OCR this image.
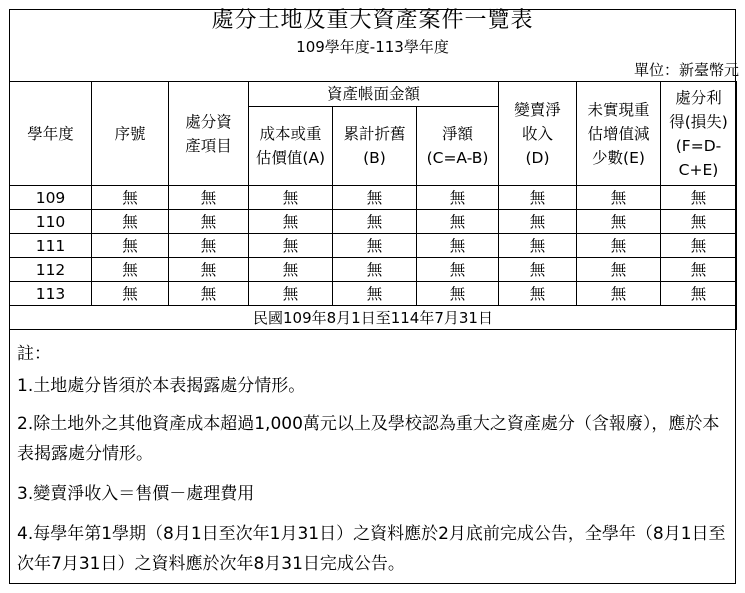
處分土地及重大資產案件一覽表
109學年度-113學年度
單位：新臺幣元
學年度	序號	處分資產項目	資產帳面金額			變賣淨收入(D)	未實現重估增值減少數(E)	處分利得(損失)(F=D-C+E)
			成本或重估價值(A)	累計折舊(B)	淨額(C=A-B)			
109	無	無	無	無	無	無	無	無
110	無	無	無	無	無	無	無	無
111	無	無	無	無	無	無	無	無
112	無	無	無	無	無	無	無	無
113	無	無	無	無	無	無	無	無
民國109年8月1日至114年7月31日								
註：

1.土地處分皆須於本表揭露處分情形。

2.除土地外之其他資產成本超過1,000萬元以上及學校認為重大之資產處分（含報廢），應於本表揭露處分情形。

3.變賣淨收入＝售價－處理費用

4.每學年第1學期（8月1日至次年1月31日）之資料應於2月底前完成公告，全學年（8月1日至次年7月31日）之資料應於次年8月31日完成公告。
